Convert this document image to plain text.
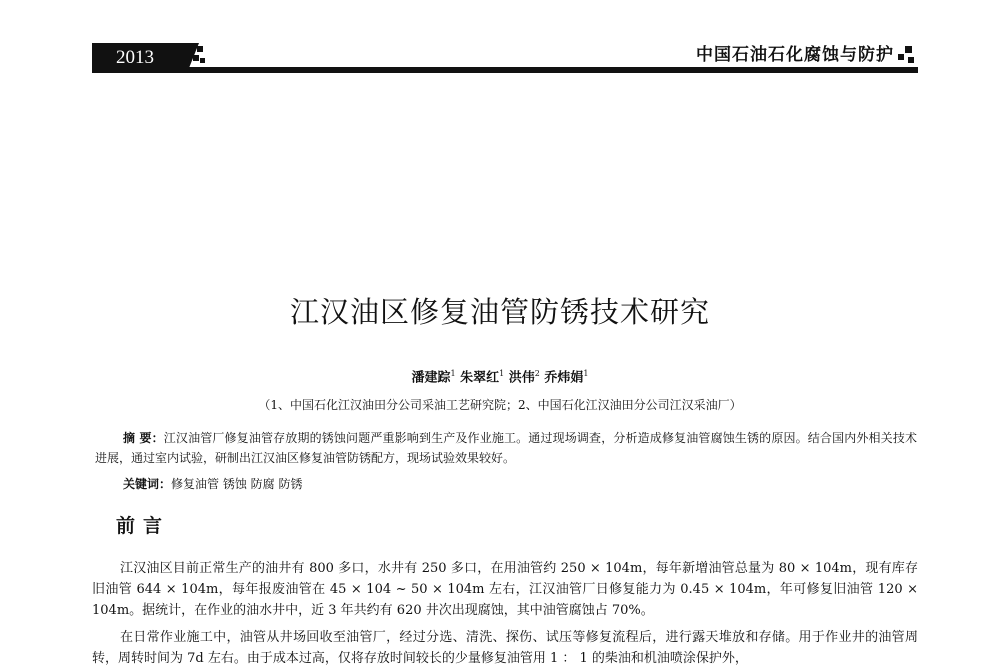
2013	中国石油石化腐蚀与防护
江汉油区修复油管防锈技术研究
潘建踪$^1$ 朱翠红$^1$ 洪伟$^2$ 乔炜娟$^1$
（1、中国石化江汉油田分公司采油工艺研究院；2、中国石化江汉油田分公司江汉采油厂）
摘 要：江汉油管厂修复油管存放期的锈蚀问题严重影响到生产及作业施工。通过现场调查，分析造成修复油管腐蚀生锈的原因。结合国内外相关技术进展，通过室内试验，研制出江汉油区修复油管防锈配方，现场试验效果较好。
关键词：修复油管 锈蚀 防腐 防锈
前言
江汉油区目前正常生产的油井有 800 多口，水井有 250 多口，在用油管约 250 × 104m，每年新增油管总量为 80 × 104m，现有库存旧油管 644 × 104m，每年报废油管在 45 × 104 ~ 50 × 104m 左右，江汉油管厂日修复能力为 0.45 × 104m，年可修复旧油管 120 × 104m。据统计，在作业的油水井中，近 3 年共约有 620 井次出现腐蚀，其中油管腐蚀占 70%。
在日常作业施工中，油管从井场回收至油管厂，经过分选、清洗、探伤、试压等修复流程后，进行露天堆放和存储。用于作业井的油管周转，周转时间为 7d 左右。由于成本过高，仅将存放时间较长的少量修复油管用 1 ： 1 的柴油和机油喷涂保护外，
